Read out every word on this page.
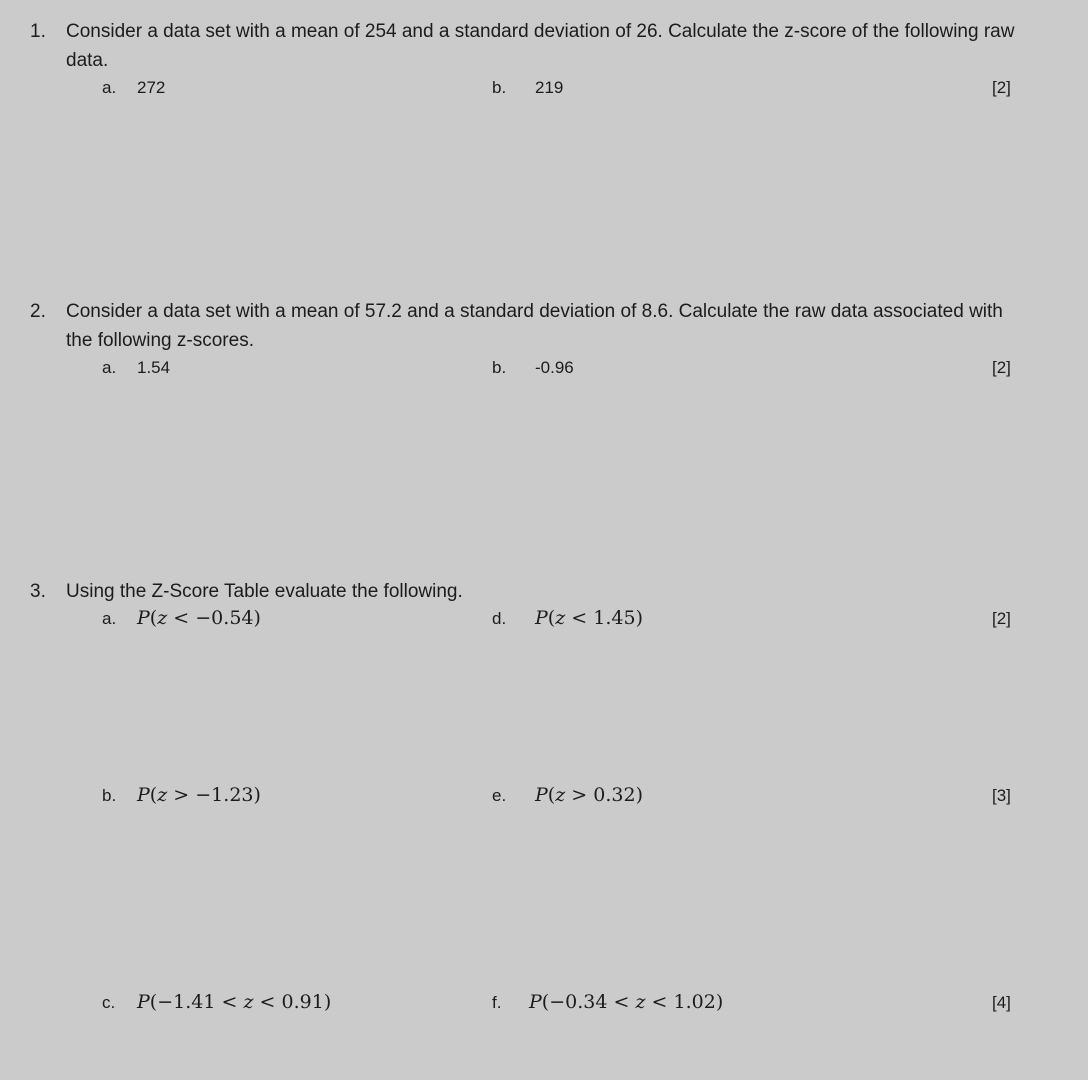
1. Consider a data set with a mean of 254 and a standard deviation of 26. Calculate the z-score of the following raw
data.
a. 272	b. 219	[2]
2. Consider a data set with a mean of 57.2 and a standard deviation of 8.6. Calculate the raw data associated with
the following z-scores.
a. 1.54	b. -0.96	[2]
3. Using the Z-Score Table evaluate the following.
a. P(z < −0.54)	d. P(z < 1.45)	[2]
b. P(z > −1.23)	e. P(z > 0.32)	[3]
c. P(−1.41 < z < 0.91)	f. P(−0.34 < z < 1.02)	[4]
